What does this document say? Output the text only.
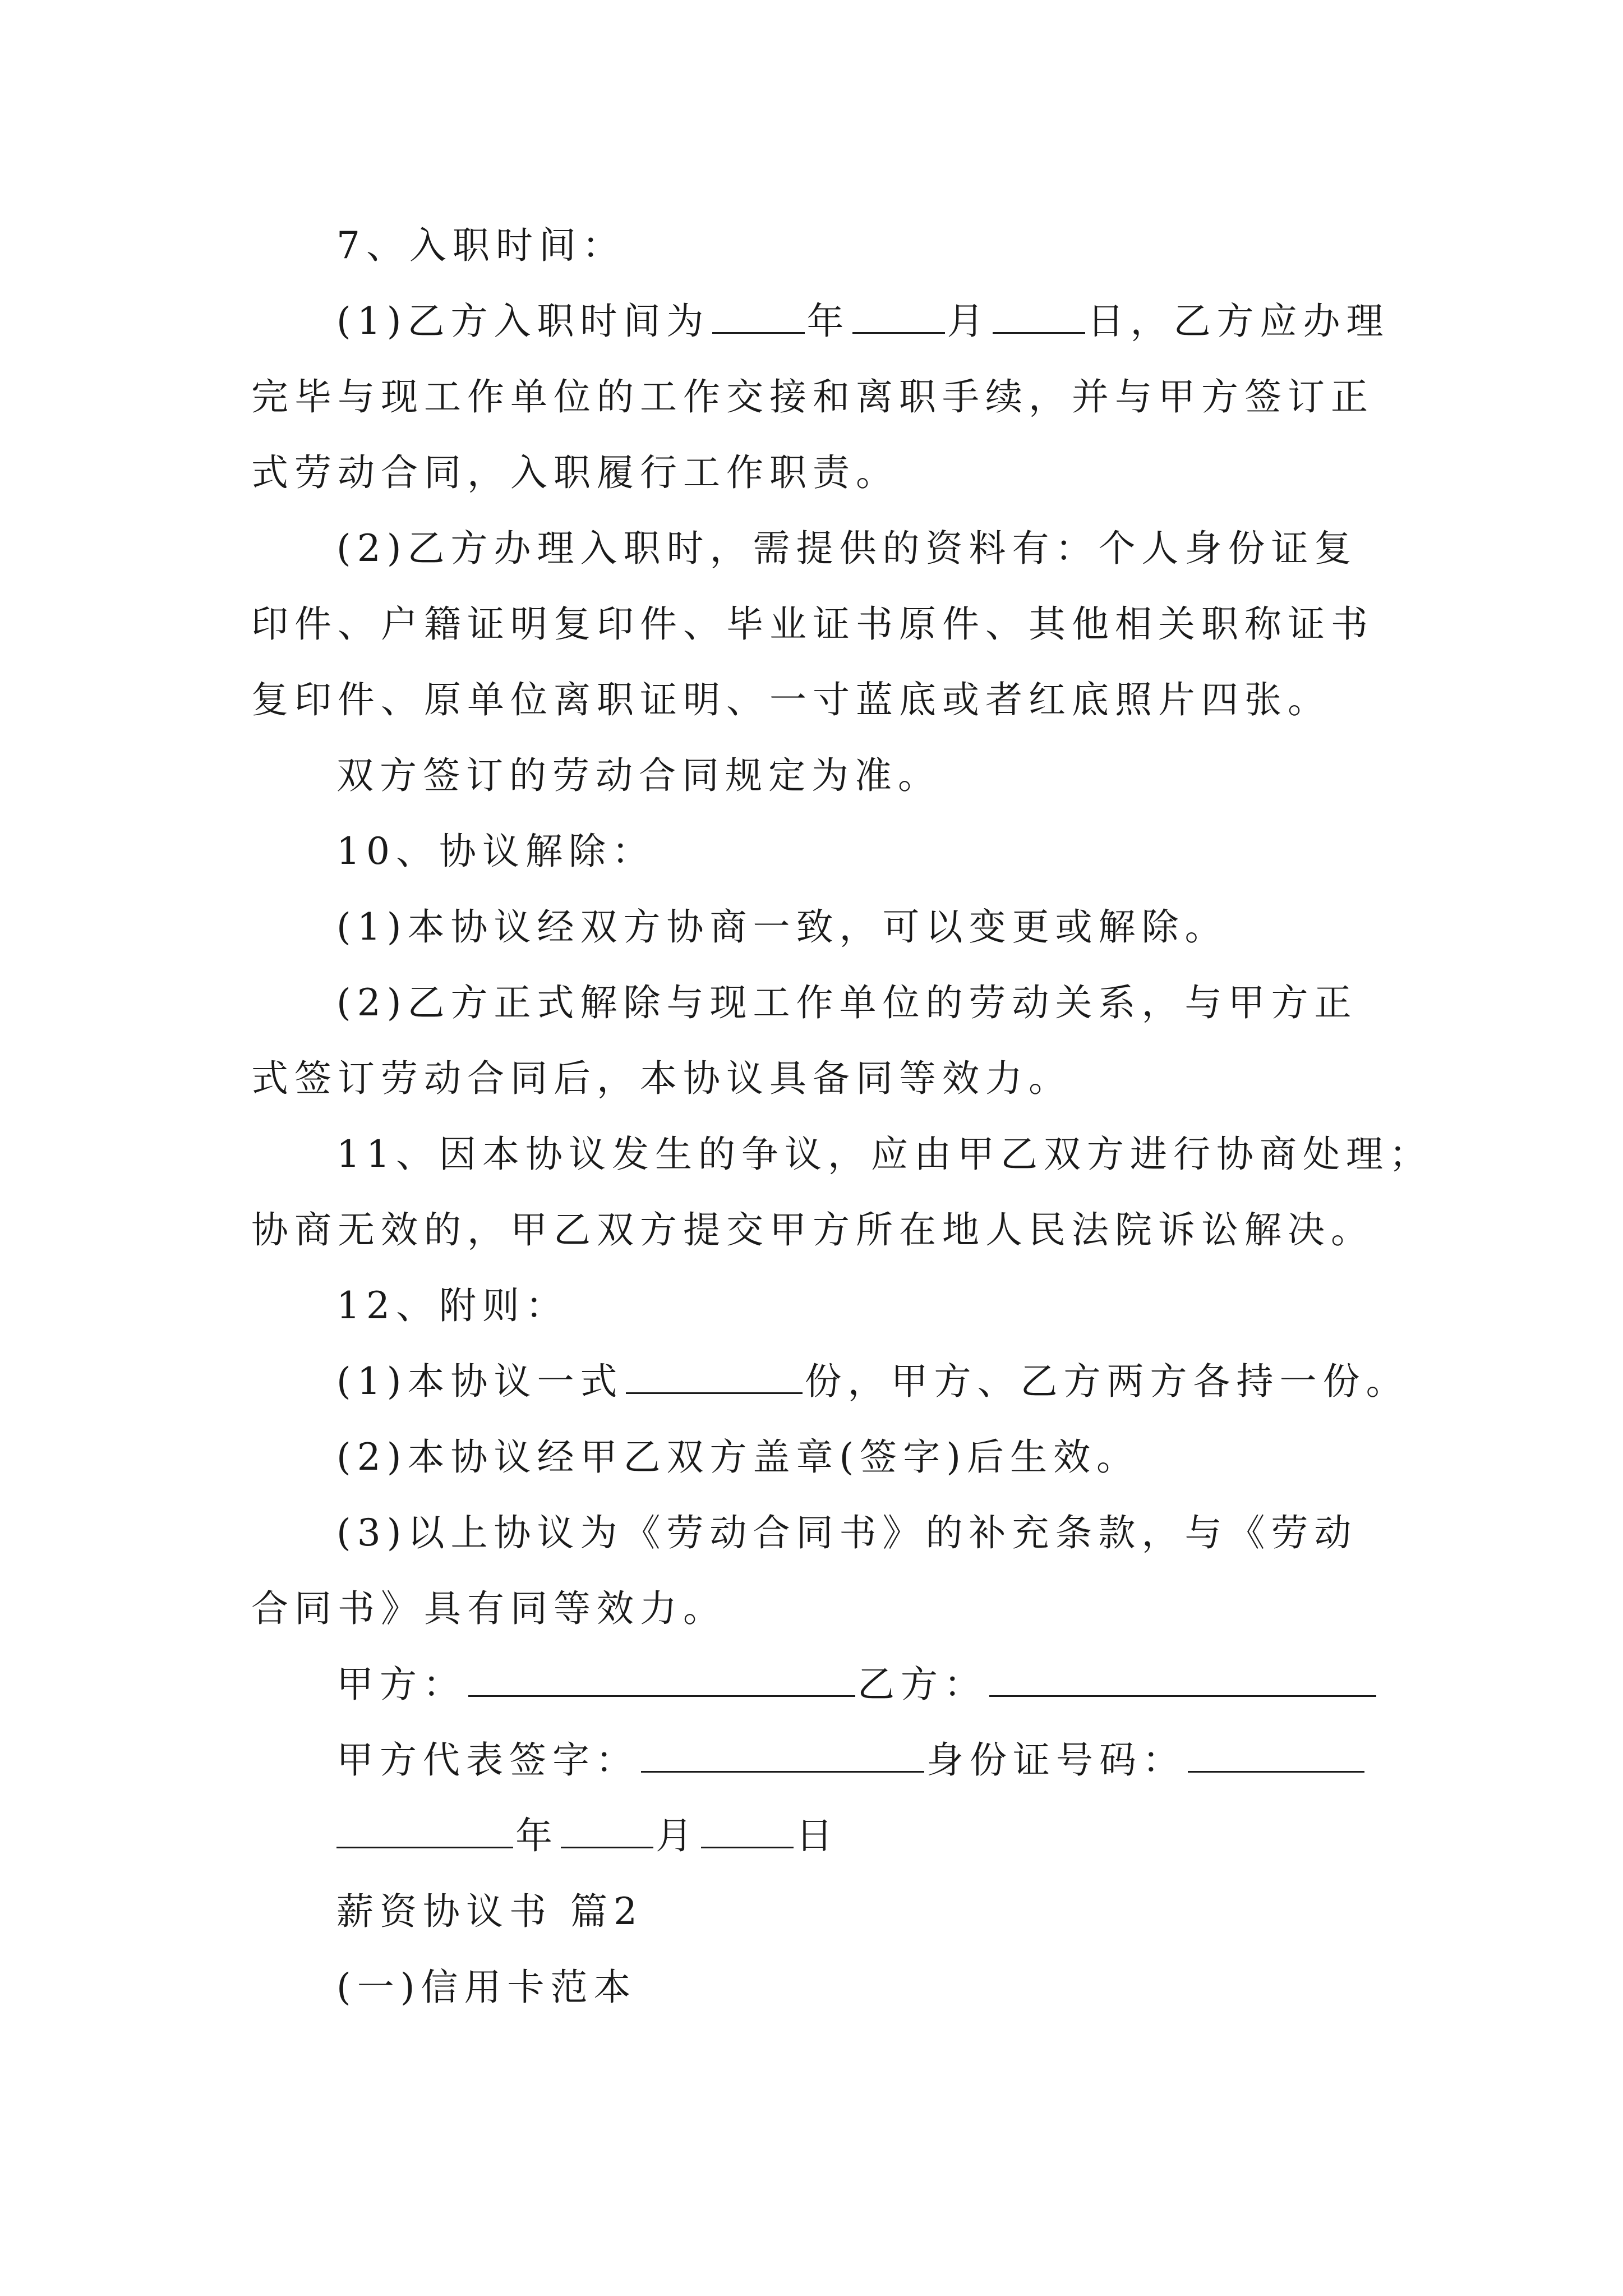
7、入职时间：
(1)乙方入职时间为	年	月	日，乙方应办理
完毕与现工作单位的工作交接和离职手续，并与甲方签订正
式劳动合同，入职履行工作职责。
(2)乙方办理入职时，需提供的资料有：个人身份证复
印件、户籍证明复印件、毕业证书原件、其他相关职称证书
复印件、原单位离职证明、一寸蓝底或者红底照片四张。
双方签订的劳动合同规定为准。
10、协议解除：
(1)本协议经双方协商一致，可以变更或解除。
(2)乙方正式解除与现工作单位的劳动关系，与甲方正
式签订劳动合同后，本协议具备同等效力。
11、因本协议发生的争议，应由甲乙双方进行协商处理；
协商无效的，甲乙双方提交甲方所在地人民法院诉讼解决。
12、附则：
(1)本协议一式	份，甲方、乙方两方各持一份。
(2)本协议经甲乙双方盖章(签字)后生效。
(3)以上协议为《劳动合同书》的补充条款，与《劳动
合同书》具有同等效力。
甲方：	乙方：
甲方代表签字：	身份证号码：
年	月	日
薪资协议书 篇2
(一)信用卡范本
